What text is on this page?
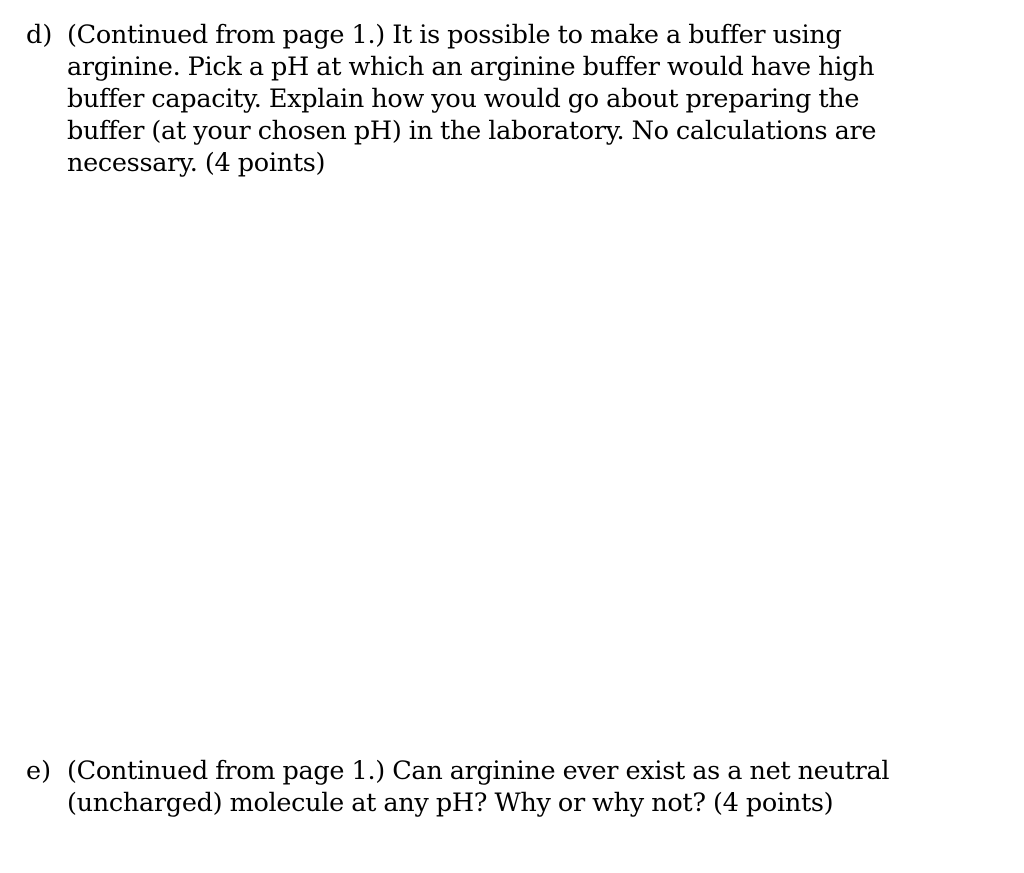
d) (Continued from page 1.) It is possible to make a buffer using
arginine. Pick a pH at which an arginine buffer would have high
buffer capacity. Explain how you would go about preparing the
buffer (at your chosen pH) in the laboratory. No calculations are
necessary. (4 points)
e) (Continued from page 1.) Can arginine ever exist as a net neutral
(uncharged) molecule at any pH? Why or why not? (4 points)
